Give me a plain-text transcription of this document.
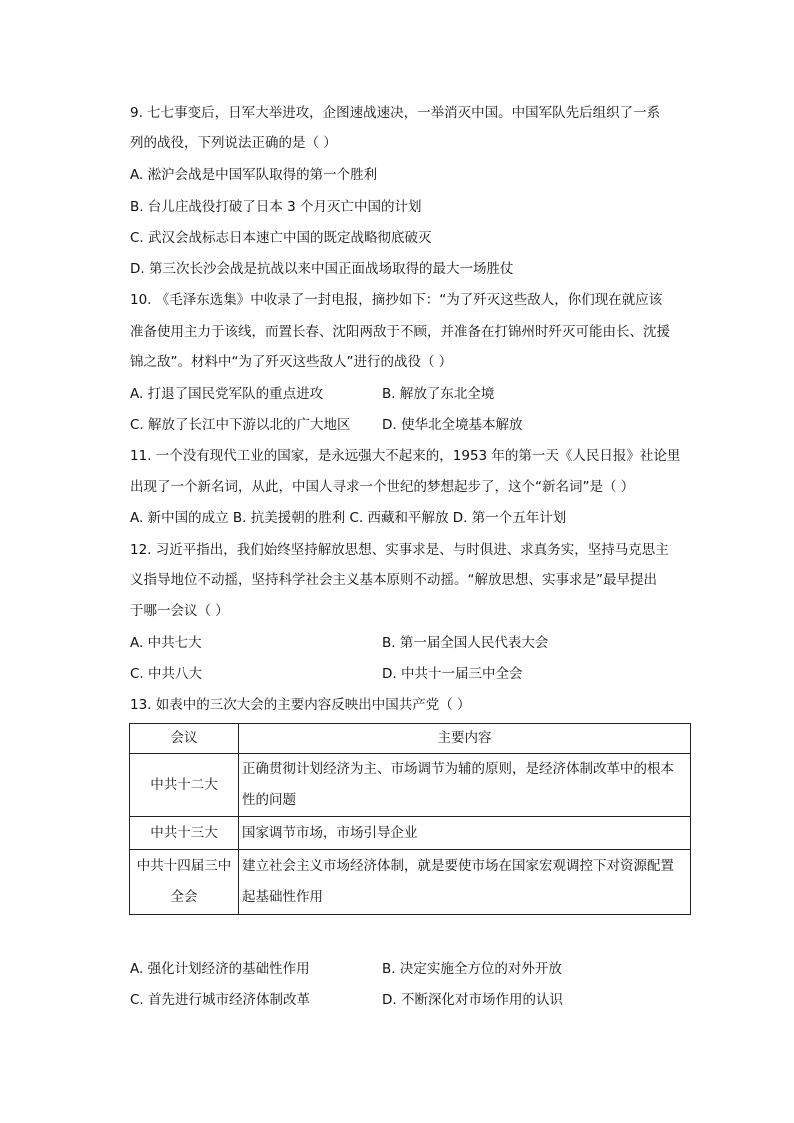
9. 七七事变后，日军大举进攻，企图速战速决，一举消灭中国。中国军队先后组织了一系
列的战役，下列说法正确的是（ ）
A. 淞沪会战是中国军队取得的第一个胜利
B. 台儿庄战役打破了日本 3 个月灭亡中国的计划
C. 武汉会战标志日本速亡中国的既定战略彻底破灭
D. 第三次长沙会战是抗战以来中国正面战场取得的最大一场胜仗
10. 《毛泽东选集》中收录了一封电报，摘抄如下：“为了歼灭这些敌人，你们现在就应该
准备使用主力于该线，而置长春、沈阳两敌于不顾，并准备在打锦州时歼灭可能由长、沈援
锦之敌”。材料中“为了歼灭这些敌人”进行的战役（ ）
A. 打退了国民党军队的重点进攻	B. 解放了东北全境
C. 解放了长江中下游以北的广大地区 D. 使华北全境基本解放
11. 一个没有现代工业的国家，是永远强大不起来的，1953 年的第一天《人民日报》社论里
出现了一个新名词，从此，中国人寻求一个世纪的梦想起步了，这个“新名词”是（ ）
A. 新中国的成立 B. 抗美援朝的胜利 C. 西藏和平解放 D. 第一个五年计划
12. 习近平指出，我们始终坚持解放思想、实事求是、与时俱进、求真务实，坚持马克思主
义指导地位不动摇，坚持科学社会主义基本原则不动摇。“解放思想、实事求是”最早提出
于哪一会议（ ）
A. 中共七大	B. 第一届全国人民代表大会
C. 中共八大	D. 中共十一届三中全会
13. 如表中的三次大会的主要内容反映出中国共产党（ ）
会议	主要内容
中共十二大	正确贯彻计划经济为主、市场调节为辅的原则，是经济体制改革中的根本性的问题

中共十三大	国家调节市场，市场引导企业

中共十四届三中全会	建立社会主义市场经济体制，就是要使市场在国家宏观调控下对资源配置起基础性作用
A. 强化计划经济的基础性作用	B. 决定实施全方位的对外开放
C. 首先进行城市经济体制改革	D. 不断深化对市场作用的认识
